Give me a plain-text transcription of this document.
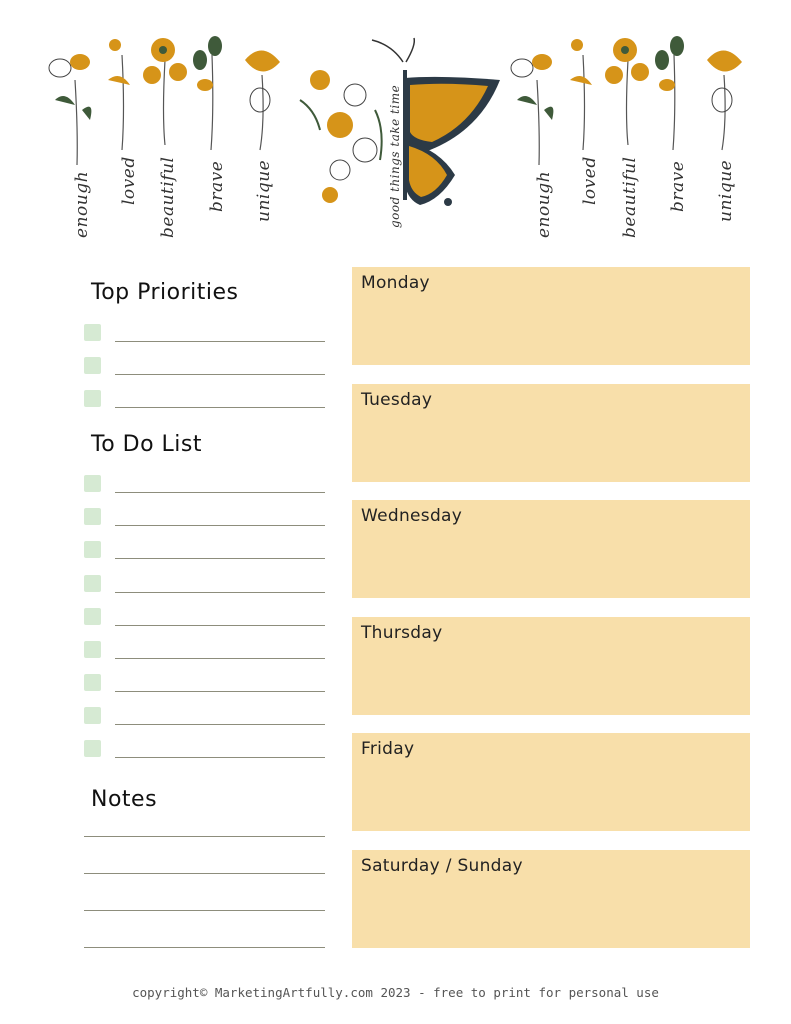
enough loved beautiful brave unique	good things take time	enough loved beautiful brave unique
Top Priorities
To Do List
Notes
Monday
Tuesday
Wednesday
Thursday
Friday
Saturday / Sunday
copyright© MarketingArtfully.com 2023 - free to print for personal use
